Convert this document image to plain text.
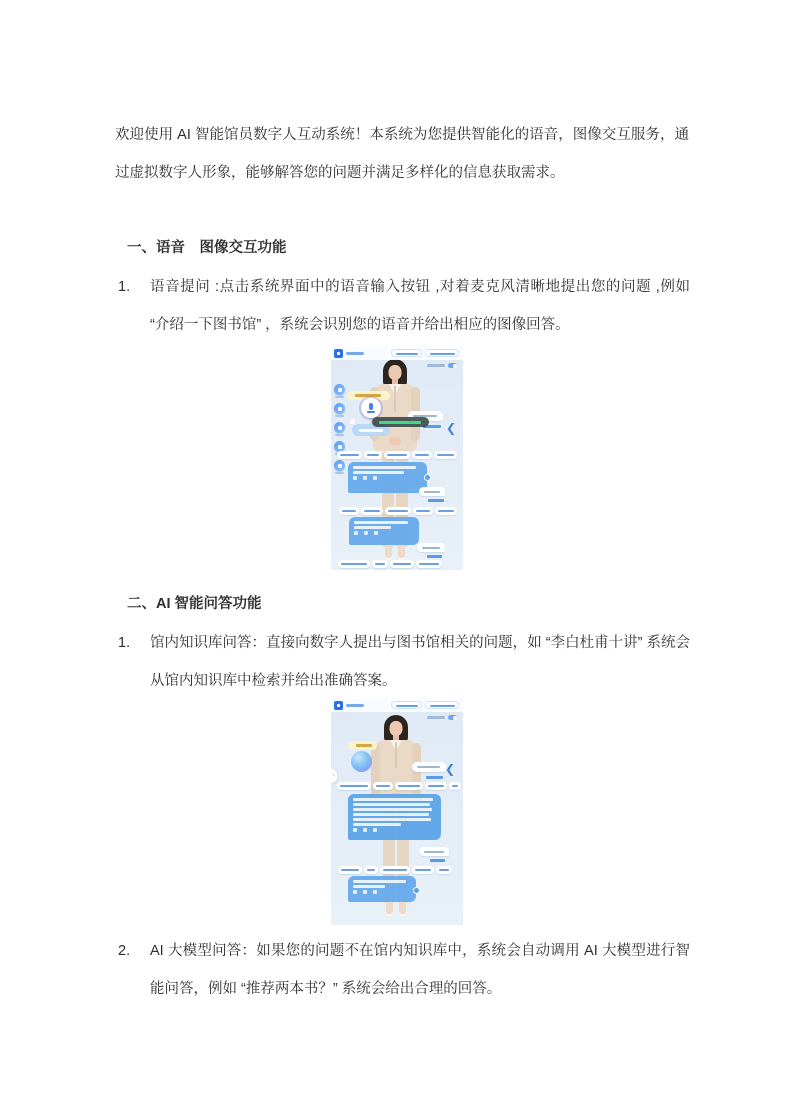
欢迎使用 AI 智能馆员数字人互动系统！本系统为您提供智能化的语音，图像交互服务，通过虚拟数字人形象，能够解答您的问题并满足多样化的信息获取需求。

一、语音　图像交互功能
1.	语音提问 :点击系统界面中的语音输入按钮 ,对着麦克风清晰地提出您的问题 ,例如 “介绍一下图书馆” ，系统会识别您的语音并给出相应的图像回答。
❮
二、AI 智能问答功能
1.	馆内知识库问答：直接向数字人提出与图书馆相关的问题，如 “李白杜甫十讲” 系统会从馆内知识库中检索并给出准确答案。
‹	❮
2.	AI 大模型问答：如果您的问题不在馆内知识库中，系统会自动调用 AI 大模型进行智能问答，例如 “推荐两本书？” 系统会给出合理的回答。
